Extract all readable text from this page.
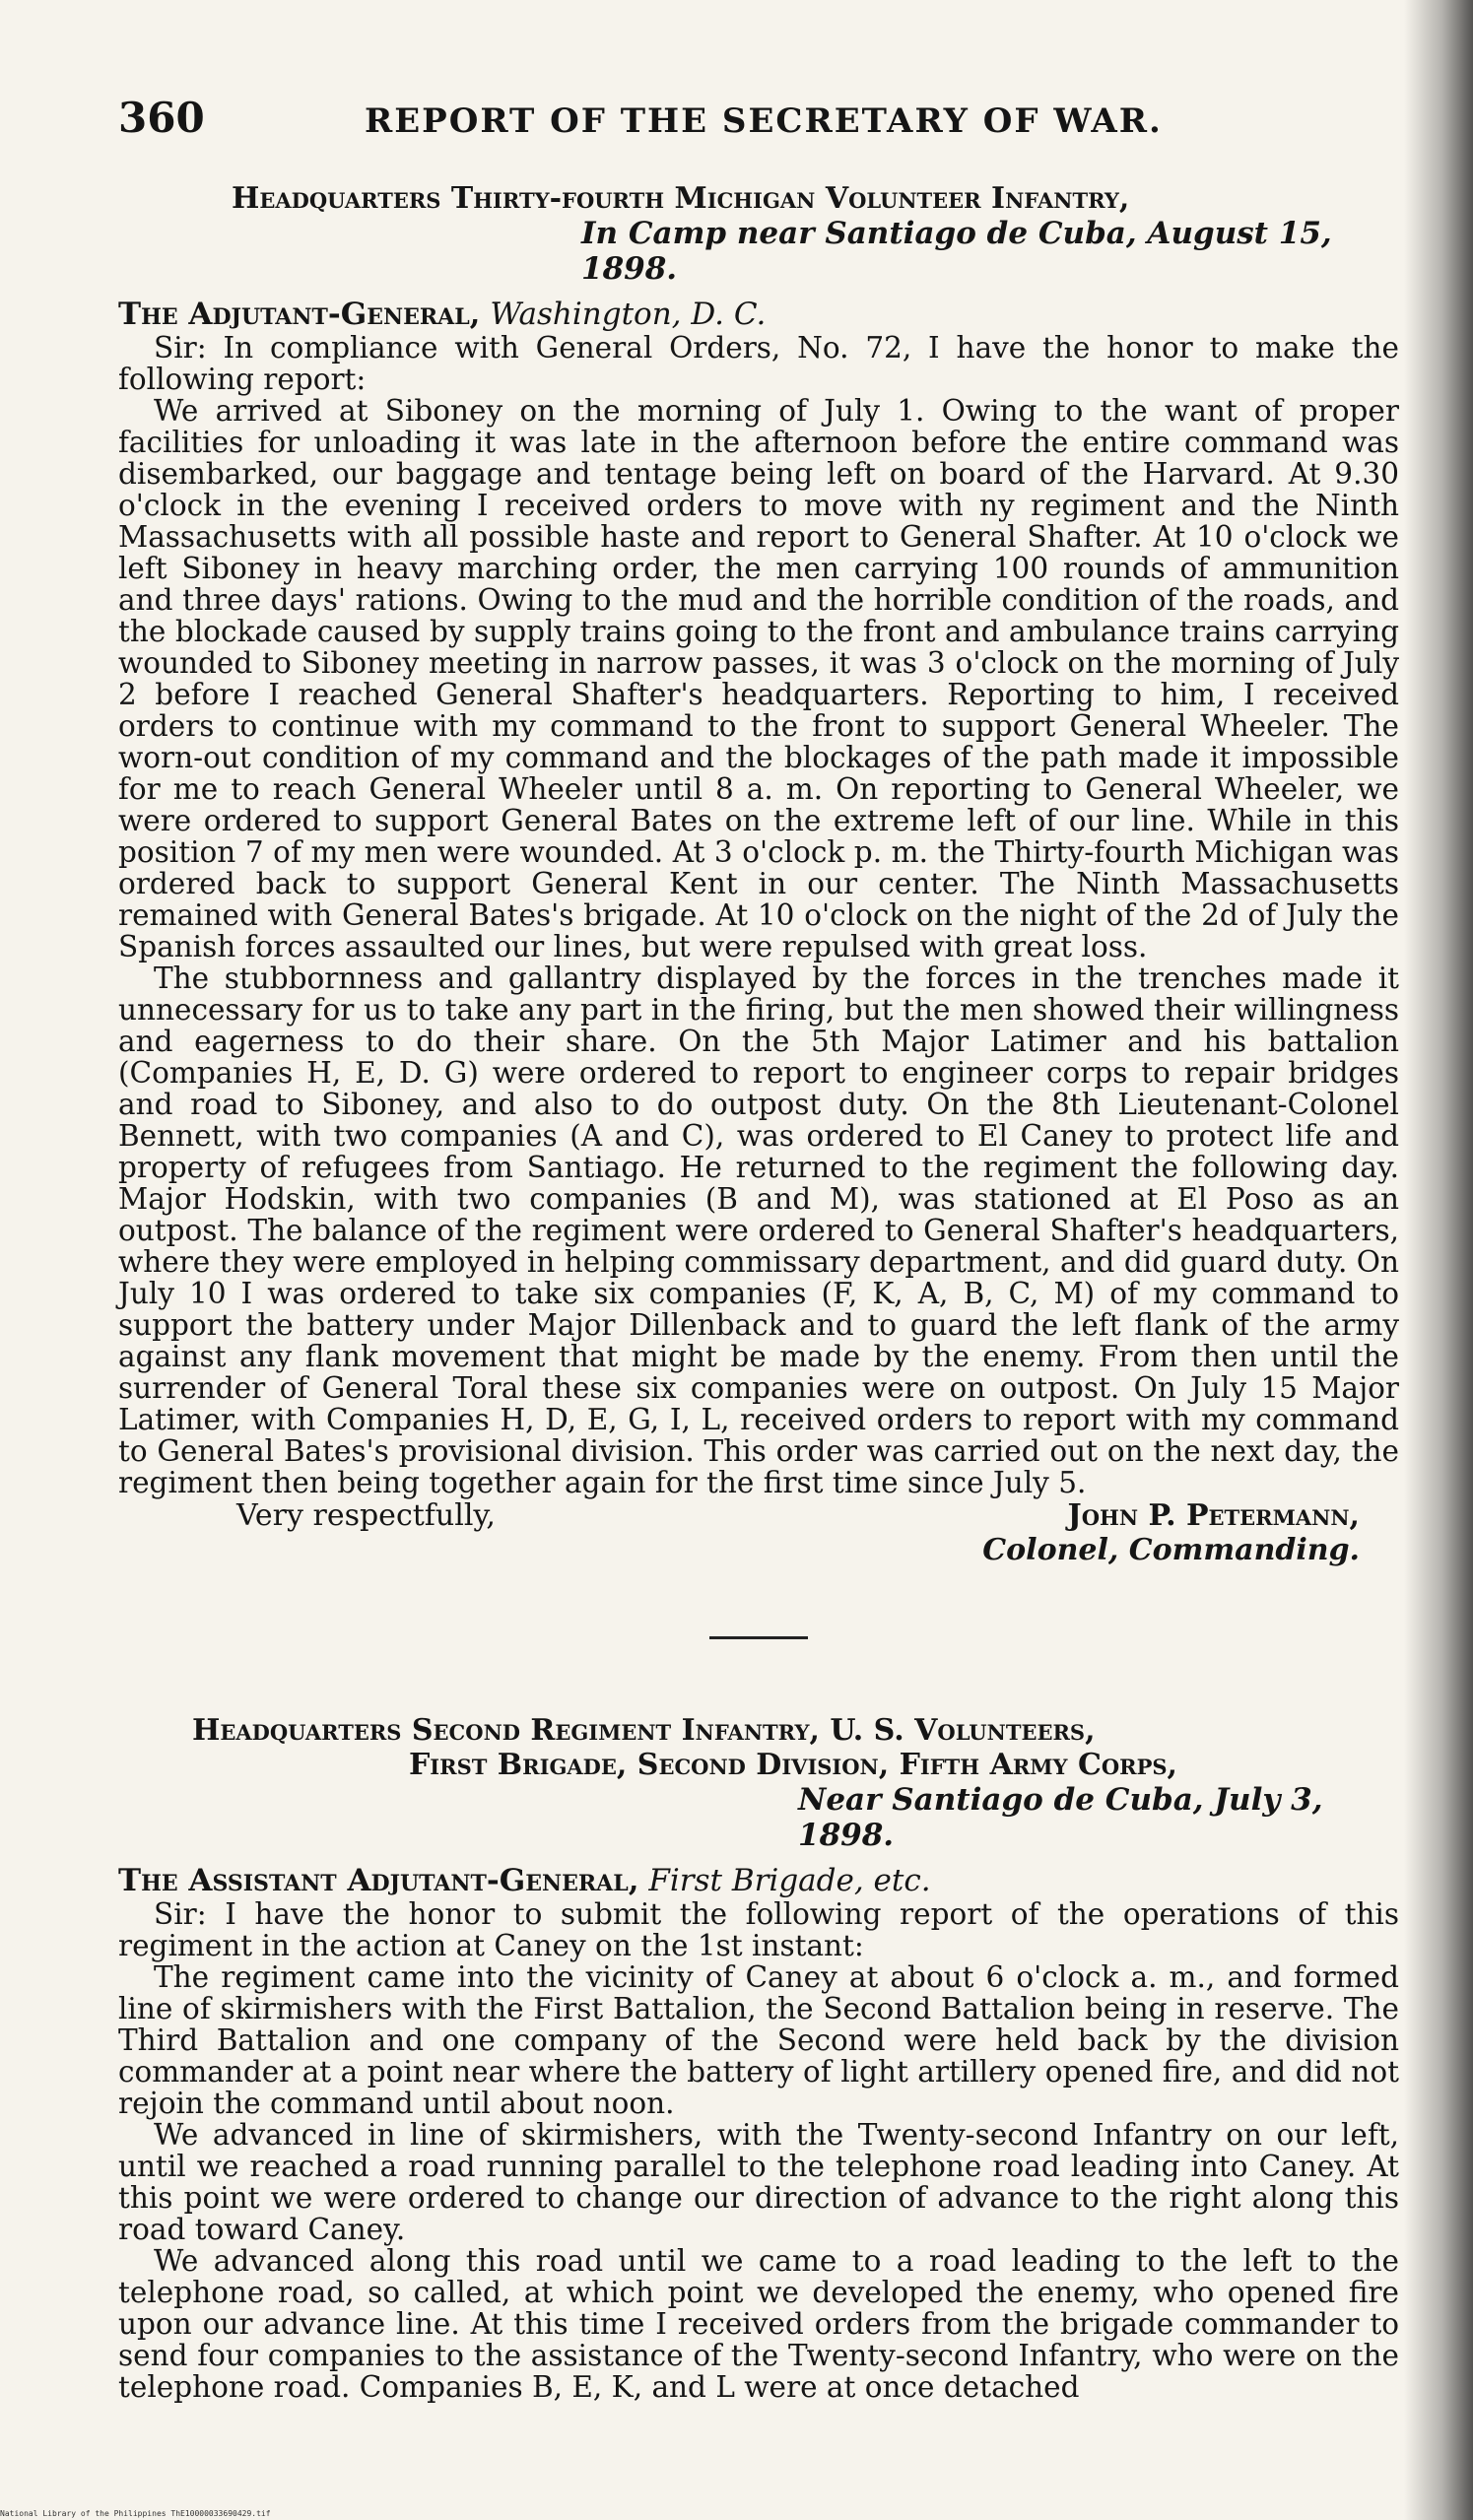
360	REPORT OF THE SECRETARY OF WAR.
Headquarters Thirty-fourth Michigan Volunteer Infantry,
In Camp near Santiago de Cuba, August 15, 1898.
The Adjutant-General, Washington, D. C.

Sir: In compliance with General Orders, No. 72, I have the honor to make the following report:

We arrived at Siboney on the morning of July 1. Owing to the want of proper facilities for unloading it was late in the afternoon before the entire command was disembarked, our baggage and tentage being left on board of the Harvard. At 9.30 o'clock in the evening I received orders to move with ny regiment and the Ninth Massachusetts with all possible haste and report to General Shafter. At 10 o'clock we left Siboney in heavy marching order, the men carrying 100 rounds of ammunition and three days' rations. Owing to the mud and the horrible condition of the roads, and the blockade caused by supply trains going to the front and ambulance trains carrying wounded to Siboney meeting in narrow passes, it was 3 o'clock on the morning of July 2 before I reached General Shafter's headquarters. Reporting to him, I received orders to continue with my command to the front to support General Wheeler. The worn-out condition of my command and the blockages of the path made it impossible for me to reach General Wheeler until 8 a. m. On reporting to General Wheeler, we were ordered to support General Bates on the extreme left of our line. While in this position 7 of my men were wounded. At 3 o'clock p. m. the Thirty-fourth Michigan was ordered back to support General Kent in our center. The Ninth Massachusetts remained with General Bates's brigade. At 10 o'clock on the night of the 2d of July the Spanish forces assaulted our lines, but were repulsed with great loss.

The stubbornness and gallantry displayed by the forces in the trenches made it unnecessary for us to take any part in the firing, but the men showed their willingness and eagerness to do their share. On the 5th Major Latimer and his battalion (Companies H, E, D. G) were ordered to report to engineer corps to repair bridges and road to Siboney, and also to do outpost duty. On the 8th Lieutenant-Colonel Bennett, with two companies (A and C), was ordered to El Caney to protect life and property of refugees from Santiago. He returned to the regiment the following day. Major Hodskin, with two companies (B and M), was stationed at El Poso as an outpost. The balance of the regiment were ordered to General Shafter's headquarters, where they were employed in helping commissary department, and did guard duty. On July 10 I was ordered to take six companies (F, K, A, B, C, M) of my command to support the battery under Major Dillenback and to guard the left flank of the army against any flank movement that might be made by the enemy. From then until the surrender of General Toral these six companies were on outpost. On July 15 Major Latimer, with Companies H, D, E, G, I, L, received orders to report with my command to General Bates's provisional division. This order was carried out on the next day, the regiment then being together again for the first time since July 5.

Very respectfully,	John P. Petermann,
Colonel, Commanding.
Headquarters Second Regiment Infantry, U. S. Volunteers,
First Brigade, Second Division, Fifth Army Corps,
Near Santiago de Cuba, July 3, 1898.
The Assistant Adjutant-General, First Brigade, etc.

Sir: I have the honor to submit the following report of the operations of this regiment in the action at Caney on the 1st instant:

The regiment came into the vicinity of Caney at about 6 o'clock a. m., and formed line of skirmishers with the First Battalion, the Second Battalion being in reserve. The Third Battalion and one company of the Second were held back by the division commander at a point near where the battery of light artillery opened fire, and did not rejoin the command until about noon.

We advanced in line of skirmishers, with the Twenty-second Infantry on our left, until we reached a road running parallel to the telephone road leading into Caney. At this point we were ordered to change our direction of advance to the right along this road toward Caney.

We advanced along this road until we came to a road leading to the left to the telephone road, so called, at which point we developed the enemy, who opened fire upon our advance line. At this time I received orders from the brigade commander to send four companies to the assistance of the Twenty-second Infantry, who were on the telephone road. Companies B, E, K, and L were at once detached

National Library of the Philippines ThE10000033690429.tif
